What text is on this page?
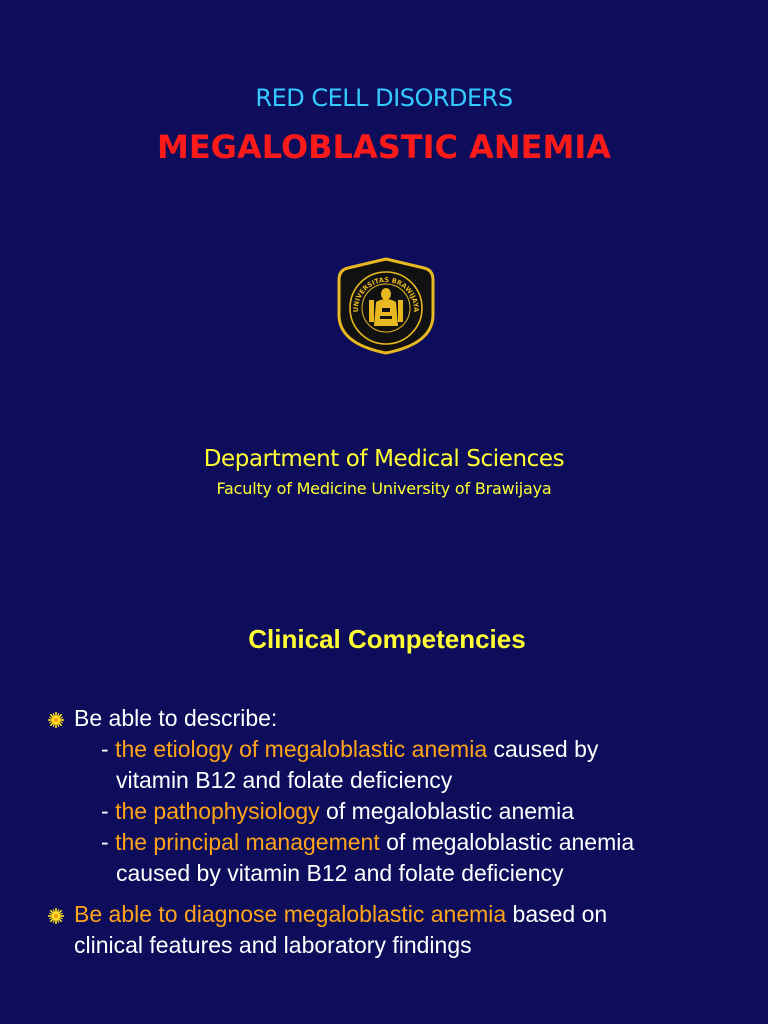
RED CELL DISORDERS
MEGALOBLASTIC ANEMIA
UNIVERSITAS BRAWIJAYA
Department of Medical Sciences
Faculty of Medicine University of Brawijaya
Clinical Competencies
Be able to describe:
- the etiology of megaloblastic anemia caused by
vitamin B12 and folate deficiency
- the pathophysiology of megaloblastic anemia
- the principal management of megaloblastic anemia
caused by vitamin B12 and folate deficiency
Be able to diagnose megaloblastic anemia based on
clinical features and laboratory findings
